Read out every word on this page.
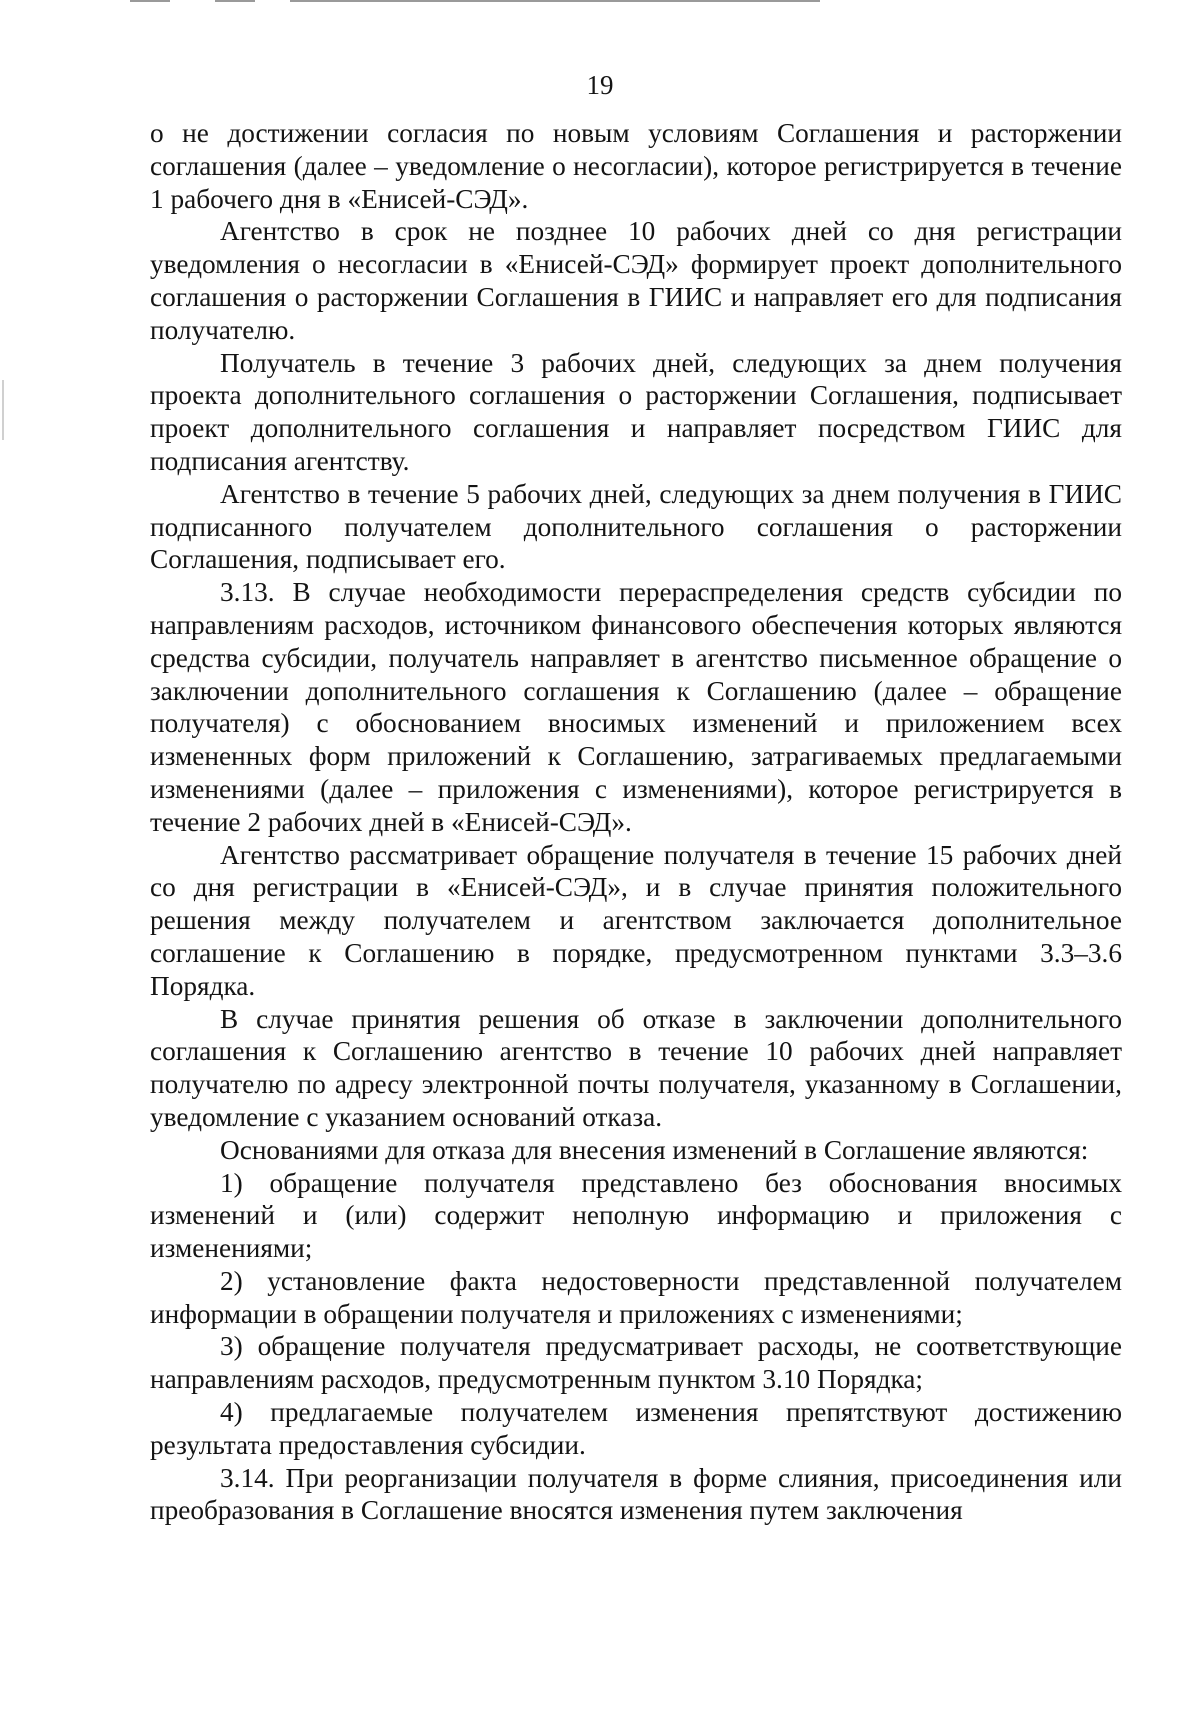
19

о не достижении согласия по новым условиям Соглашения и расторжении соглашения (далее – уведомление о несогласии), которое регистрируется в течение 1 рабочего дня в «Енисей-СЭД».

Агентство в срок не позднее 10 рабочих дней со дня регистрации уведомления о несогласии в «Енисей-СЭД» формирует проект дополнительного соглашения о расторжении Соглашения в ГИИС и направляет его для подписания получателю.

Получатель в течение 3 рабочих дней, следующих за днем получения проекта дополнительного соглашения о расторжении Соглашения, подписывает проект дополнительного соглашения и направляет посредством ГИИС для подписания агентству.

Агентство в течение 5 рабочих дней, следующих за днем получения в ГИИС подписанного получателем дополнительного соглашения о расторжении Соглашения, подписывает его.

3.13. В случае необходимости перераспределения средств субсидии по направлениям расходов, источником финансового обеспечения которых являются средства субсидии, получатель направляет в агентство письменное обращение о заключении дополнительного соглашения к Соглашению (далее – обращение получателя) с обоснованием вносимых изменений и приложением всех измененных форм приложений к Соглашению, затрагиваемых предлагаемыми изменениями (далее – приложения с изменениями), которое регистрируется в течение 2 рабочих дней в «Енисей-СЭД».

Агентство рассматривает обращение получателя в течение 15 рабочих дней со дня регистрации в «Енисей-СЭД», и в случае принятия положительного решения между получателем и агентством заключается дополнительное соглашение к Соглашению в порядке, предусмотренном пунктами 3.3–3.6 Порядка.

В случае принятия решения об отказе в заключении дополнительного соглашения к Соглашению агентство в течение 10 рабочих дней направляет получателю по адресу электронной почты получателя, указанному в Соглашении, уведомление с указанием оснований отказа.

Основаниями для отказа для внесения изменений в Соглашение являются:

1) обращение получателя представлено без обоснования вносимых изменений и (или) содержит неполную информацию и приложения с изменениями;

2) установление факта недостоверности представленной получателем информации в обращении получателя и приложениях с изменениями;

3) обращение получателя предусматривает расходы, не соответствующие направлениям расходов, предусмотренным пунктом 3.10 Порядка;

4) предлагаемые получателем изменения препятствуют достижению результата предоставления субсидии.

3.14. При реорганизации получателя в форме слияния, присоединения или преобразования в Соглашение вносятся изменения путем заключения
